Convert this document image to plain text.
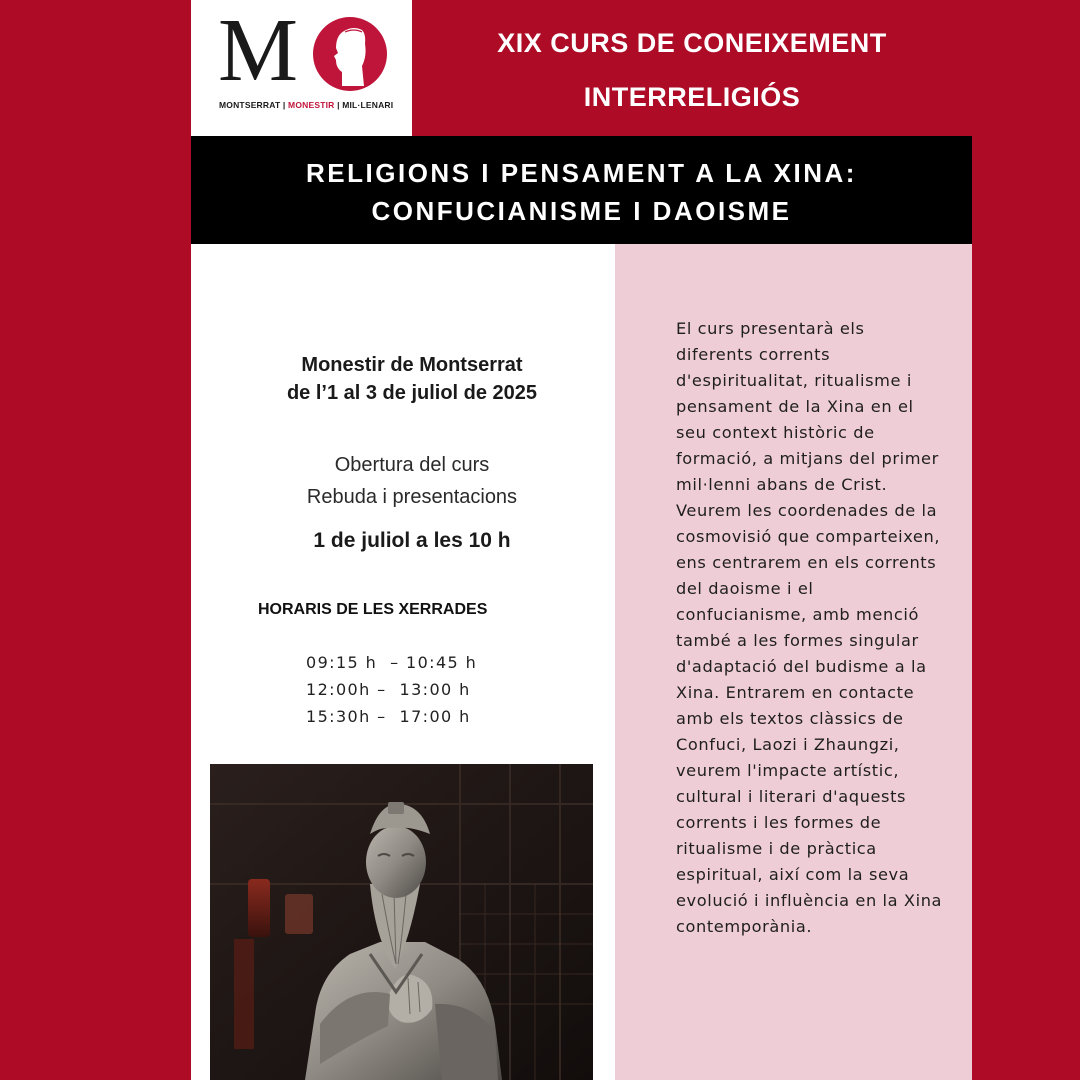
M
MONTSERRAT | MONESTIR | MIL·LENARI
XIX CURS DE CONEIXEMENT
INTERRELIGIÓS
RELIGIONS I PENSAMENT A LA XINA:
CONFUCIANISME I DAOISME
Monestir de Montserrat
de l’1 al 3 de juliol de 2025
Obertura del curs
Rebuda i presentacions
1 de juliol a les 10 h
HORARIS DE LES XERRADES
09:15 h  – 10:45 h
12:00h –  13:00 h
15:30h –  17:00 h

El curs presentarà els diferents corrents d'espiritualitat, ritualisme i pensament de la Xina en el seu context històric de formació, a mitjans del primer mil·lenni abans de Crist. Veurem les coordenades de la cosmovisió que comparteixen, ens centrarem en els corrents del daoisme i el confucianisme, amb menció també a les formes singular d'adaptació del budisme a la Xina. Entrarem en contacte amb els textos clàssics de Confuci, Laozi i Zhaungzi, veurem l'impacte artístic, cultural i literari d'aquests corrents i les formes de ritualisme i de pràctica espiritual, així com la seva evolució i influència en la Xina contemporània.
